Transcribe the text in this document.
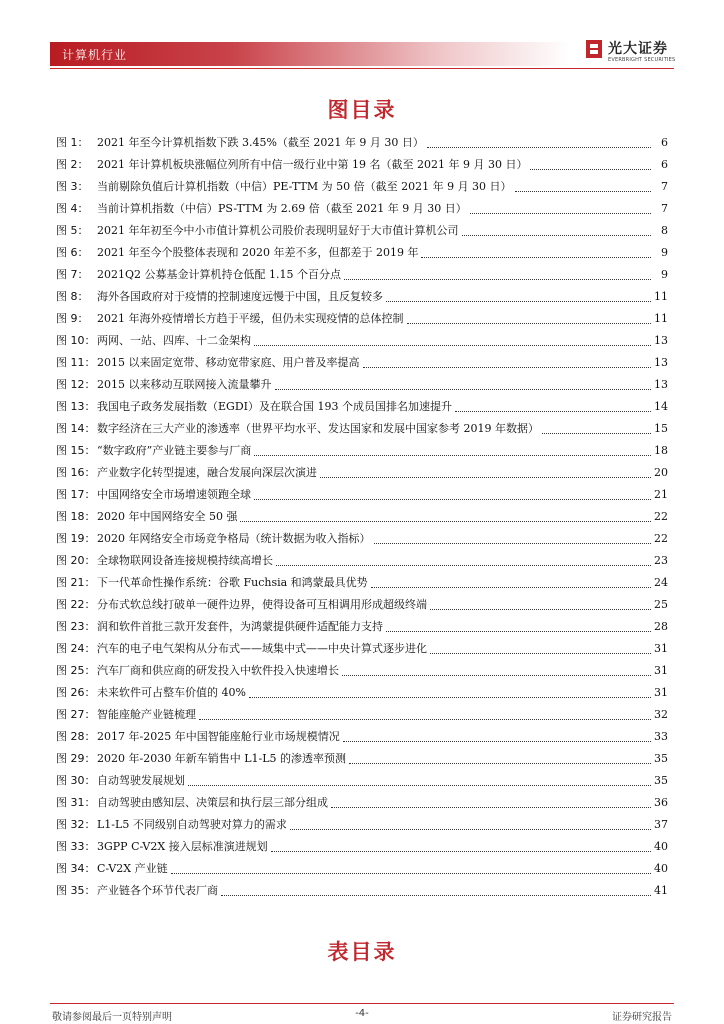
计算机行业	光大证券
EVERBRIGHT SECURITIES
图目录
图 1： 2021 年至今计算机指数下跌 3.45%（截至 2021 年 9 月 30 日）	6
图 2： 2021 年计算机板块涨幅位列所有中信一级行业中第 19 名（截至 2021 年 9 月 30 日）	6
图 3： 当前剔除负值后计算机指数（中信）PE-TTM 为 50 倍（截至 2021 年 9 月 30 日）	7
图 4： 当前计算机指数（中信）PS-TTM 为 2.69 倍（截至 2021 年 9 月 30 日）	7
图 5： 2021 年年初至今中小市值计算机公司股价表现明显好于大市值计算机公司	8
图 6： 2021 年至今个股整体表现和 2020 年差不多，但都差于 2019 年	9
图 7： 2021Q2 公募基金计算机持仓低配 1.15 个百分点	9
图 8： 海外各国政府对于疫情的控制速度远慢于中国，且反复较多	11
图 9： 2021 年海外疫情增长方趋于平缓，但仍未实现疫情的总体控制	11
图 10： 两网、一站、四库、十二金架构	13
图 11： 2015 以来固定宽带、移动宽带家庭、用户普及率提高	13
图 12： 2015 以来移动互联网接入流量攀升	13
图 13： 我国电子政务发展指数（EGDI）及在联合国 193 个成员国排名加速提升	14
图 14： 数字经济在三大产业的渗透率（世界平均水平、发达国家和发展中国家参考 2019 年数据）	15
图 15： “数字政府”产业链主要参与厂商	18
图 16： 产业数字化转型提速，融合发展向深层次演进	20
图 17： 中国网络安全市场增速领跑全球	21
图 18： 2020 年中国网络安全 50 强	22
图 19： 2020 年网络安全市场竞争格局（统计数据为收入指标）	22
图 20： 全球物联网设备连接规模持续高增长	23
图 21： 下一代革命性操作系统：谷歌 Fuchsia 和鸿蒙最具优势	24
图 22： 分布式软总线打破单一硬件边界，使得设备可互相调用形成超级终端	25
图 23： 润和软件首批三款开发套件，为鸿蒙提供硬件适配能力支持	28
图 24： 汽车的电子电气架构从分布式——域集中式——中央计算式逐步进化	31
图 25： 汽车厂商和供应商的研发投入中软件投入快速增长	31
图 26： 未来软件可占整车价值的 40%	31
图 27： 智能座舱产业链梳理	32
图 28： 2017 年-2025 年中国智能座舱行业市场规模情况	33
图 29： 2020 年-2030 年新车销售中 L1-L5 的渗透率预测	35
图 30： 自动驾驶发展规划	35
图 31： 自动驾驶由感知层、决策层和执行层三部分组成	36
图 32： L1-L5 不同级别自动驾驶对算力的需求	37
图 33： 3GPP C-V2X 接入层标准演进规划	40
图 34： C-V2X 产业链	40
图 35： 产业链各个环节代表厂商	41
表目录
敬请参阅最后一页特别声明	-4-	证券研究报告
